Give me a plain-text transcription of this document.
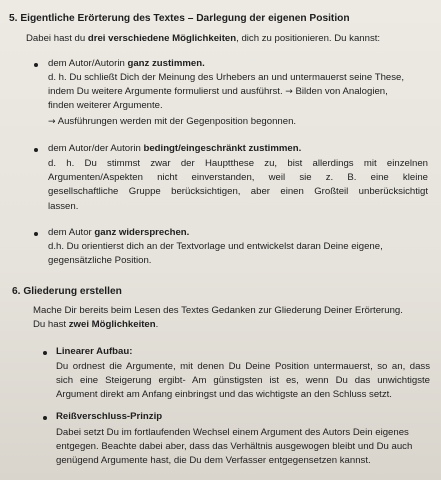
5. Eigentliche Erörterung des Textes – Darlegung der eigenen Position
Dabei hast du drei verschiedene Möglichkeiten, dich zu positionieren. Du kannst:
dem Autor/Autorin ganz zustimmen.
d. h. Du schließt Dich der Meinung des Urhebers an und untermauerst seine These,
indem Du weitere Argumente formulierst und ausführst. → Bilden von Analogien,
finden weiterer Argumente.
→ Ausführungen werden mit der Gegenposition begonnen.
dem Autor/der Autorin bedingt/eingeschränkt zustimmen.
d. h. Du stimmst zwar der Hauptthese zu, bist allerdings mit einzelnen
Argumenten/Aspekten nicht einverstanden, weil sie z. B. eine kleine
gesellschaftliche Gruppe berücksichtigen, aber einen Großteil unberücksichtigt
lassen.
dem Autor ganz widersprechen.
d.h. Du orientierst dich an der Textvorlage und entwickelst daran Deine eigene,
gegensätzliche Position.
6. Gliederung erstellen
Mache Dir bereits beim Lesen des Textes Gedanken zur Gliederung Deiner Erörterung.
Du hast zwei Möglichkeiten.
Linearer Aufbau:
Du ordnest die Argumente, mit denen Du Deine Position untermauerst, so an, dass
sich eine Steigerung ergibt- Am günstigsten ist es, wenn Du das unwichtigste
Argument direkt am Anfang einbringst und das wichtigste an den Schluss setzt.
Reißverschluss-Prinzip
Dabei setzt Du im fortlaufenden Wechsel einem Argument des Autors Dein eigenes
entgegen. Beachte dabei aber, dass das Verhältnis ausgewogen bleibt und Du auch
genügend Argumente hast, die Du dem Verfasser entgegensetzen kannst.
